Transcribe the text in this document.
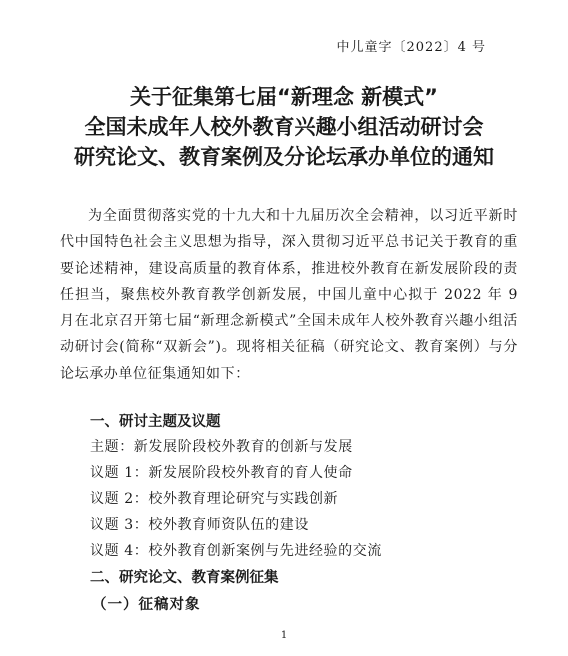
中儿童字〔2022〕4 号
关于征集第七届“新理念 新模式”
全国未成年人校外教育兴趣小组活动研讨会
研究论文、教育案例及分论坛承办单位的通知

为全面贯彻落实党的十九大和十九届历次全会精神，以习近平新时代中国特色社会主义思想为指导，深入贯彻习近平总书记关于教育的重要论述精神，建设高质量的教育体系，推进校外教育在新发展阶段的责任担当，聚焦校外教育教学创新发展，中国儿童中心拟于 2022 年 9 月在北京召开第七届“新理念新模式”全国未成年人校外教育兴趣小组活动研讨会(简称“双新会”)。现将相关征稿（研究论文、教育案例）与分论坛承办单位征集通知如下：

一、研讨主题及议题
主题：新发展阶段校外教育的创新与发展
议题 1：新发展阶段校外教育的育人使命
议题 2：校外教育理论研究与实践创新
议题 3：校外教育师资队伍的建设
议题 4：校外教育创新案例与先进经验的交流
二、研究论文、教育案例征集
（一）征稿对象
1
